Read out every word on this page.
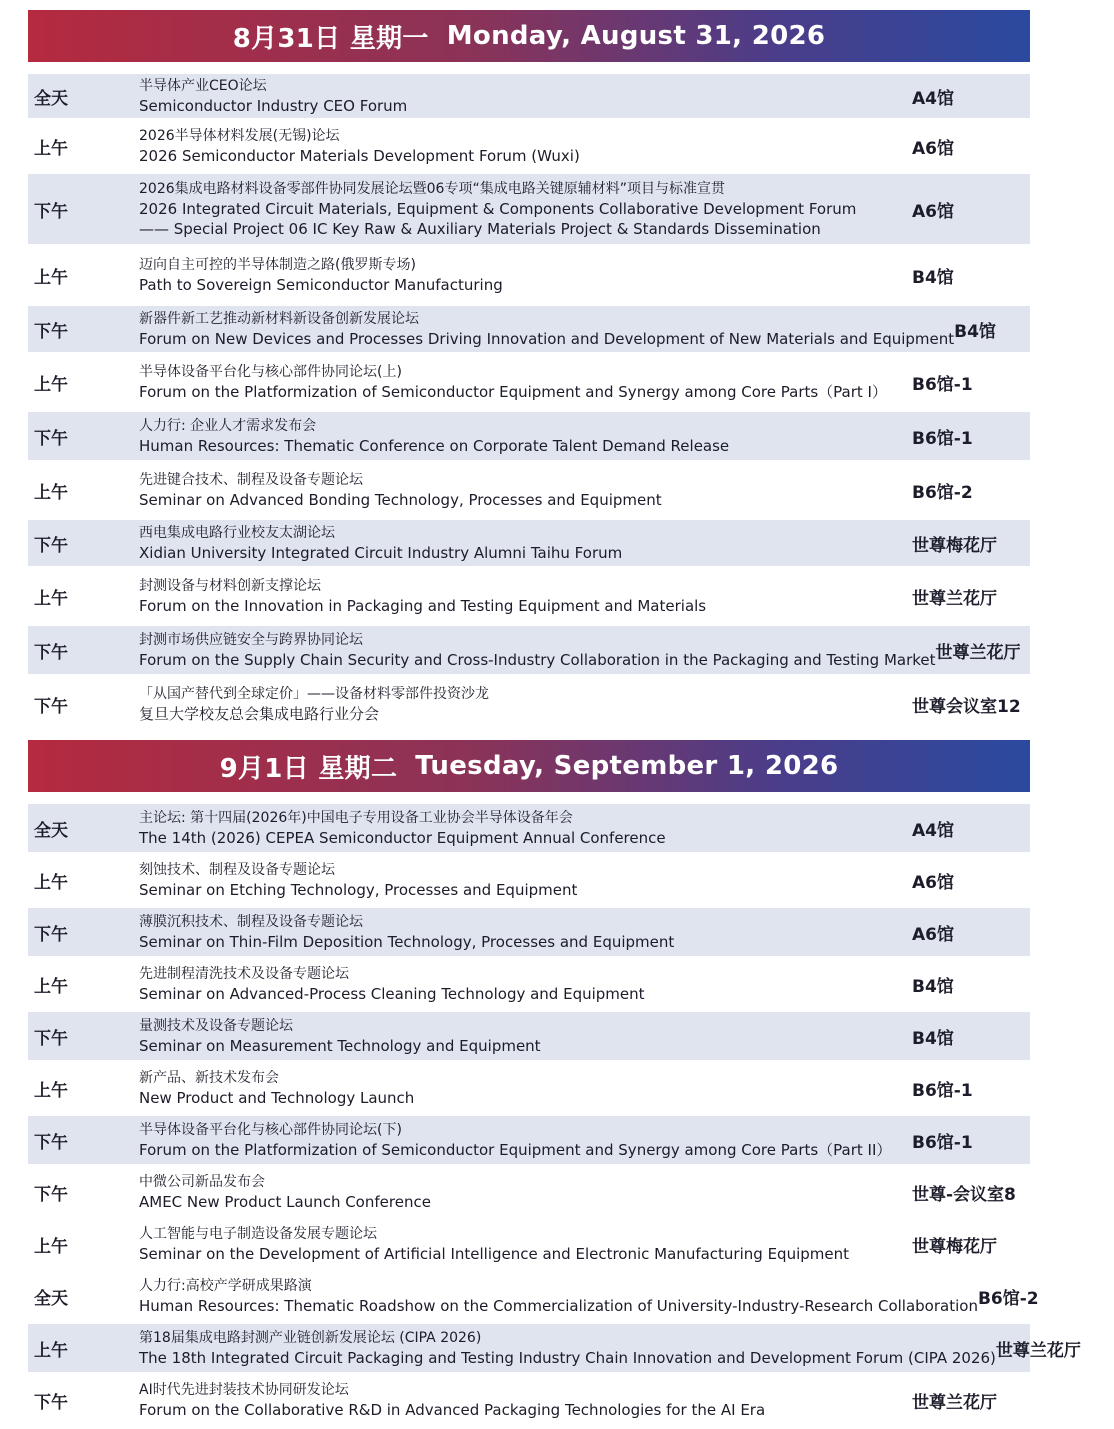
8月31日 星期一 Monday, August 31, 2026
全天
半导体产业CEO论坛
Semiconductor Industry CEO Forum	A4馆
上午
2026半导体材料发展(无锡)论坛
2026 Semiconductor Materials Development Forum (Wuxi)	A6馆
下午
2026集成电路材料设备零部件协同发展论坛暨06专项“集成电路关键原辅材料”项目与标准宣贯
2026 Integrated Circuit Materials, Equipment & Components Collaborative Development Forum
—— Special Project 06 IC Key Raw & Auxiliary Materials Project & Standards Dissemination
A6馆
上午
迈向自主可控的半导体制造之路(俄罗斯专场)
Path to Sovereign Semiconductor Manufacturing	B4馆
下午
新器件新工艺推动新材料新设备创新发展论坛
Forum on New Devices and Processes Driving Innovation and Development of New Materials and Equipment B4馆
上午
半导体设备平台化与核心部件协同论坛(上)
Forum on the Platformization of Semiconductor Equipment and Synergy among Core Parts（Part I）	B6馆-1
下午
人力行: 企业人才需求发布会
Human Resources: Thematic Conference on Corporate Talent Demand Release	B6馆-1
上午
先进键合技术、制程及设备专题论坛
Seminar on Advanced Bonding Technology, Processes and Equipment	B6馆-2
下午
西电集成电路行业校友太湖论坛
Xidian University Integrated Circuit Industry Alumni Taihu Forum	世尊梅花厅
上午
封测设备与材料创新支撑论坛
Forum on the Innovation in Packaging and Testing Equipment and Materials	世尊兰花厅
下午
封测市场供应链安全与跨界协同论坛
Forum on the Supply Chain Security and Cross-Industry Collaboration in the Packaging and Testing Market 世尊兰花厅
下午
「从国产替代到全球定价」——设备材料零部件投资沙龙
复旦大学校友总会集成电路行业分会	世尊会议室12
9月1日 星期二 Tuesday, September 1, 2026
全天
主论坛: 第十四届(2026年)中国电子专用设备工业协会半导体设备年会
The 14th (2026) CEPEA Semiconductor Equipment Annual Conference	A4馆
上午
刻蚀技术、制程及设备专题论坛
Seminar on Etching Technology, Processes and Equipment	A6馆
下午
薄膜沉积技术、制程及设备专题论坛
Seminar on Thin-Film Deposition Technology, Processes and Equipment	A6馆
上午
先进制程清洗技术及设备专题论坛
Seminar on Advanced-Process Cleaning Technology and Equipment	B4馆
下午
量测技术及设备专题论坛
Seminar on Measurement Technology and Equipment	B4馆
上午
新产品、新技术发布会
New Product and Technology Launch	B6馆-1
下午
半导体设备平台化与核心部件协同论坛(下)
Forum on the Platformization of Semiconductor Equipment and Synergy among Core Parts（Part II）	B6馆-1
下午
中微公司新品发布会
AMEC New Product Launch Conference	世尊-会议室8
上午
人工智能与电子制造设备发展专题论坛
Seminar on the Development of Artificial Intelligence and Electronic Manufacturing Equipment	世尊梅花厅
全天
人力行:高校产学研成果路演
Human Resources: Thematic Roadshow on the Commercialization of University-Industry-Research Collaboration B6馆-2
上午
第18届集成电路封测产业链创新发展论坛 (CIPA 2026)
The 18th Integrated Circuit Packaging and Testing Industry Chain Innovation and Development Forum (CIPA 2026) 世尊兰花厅
下午
AI时代先进封装技术协同研发论坛
Forum on the Collaborative R&D in Advanced Packaging Technologies for the AI Era	世尊兰花厅
